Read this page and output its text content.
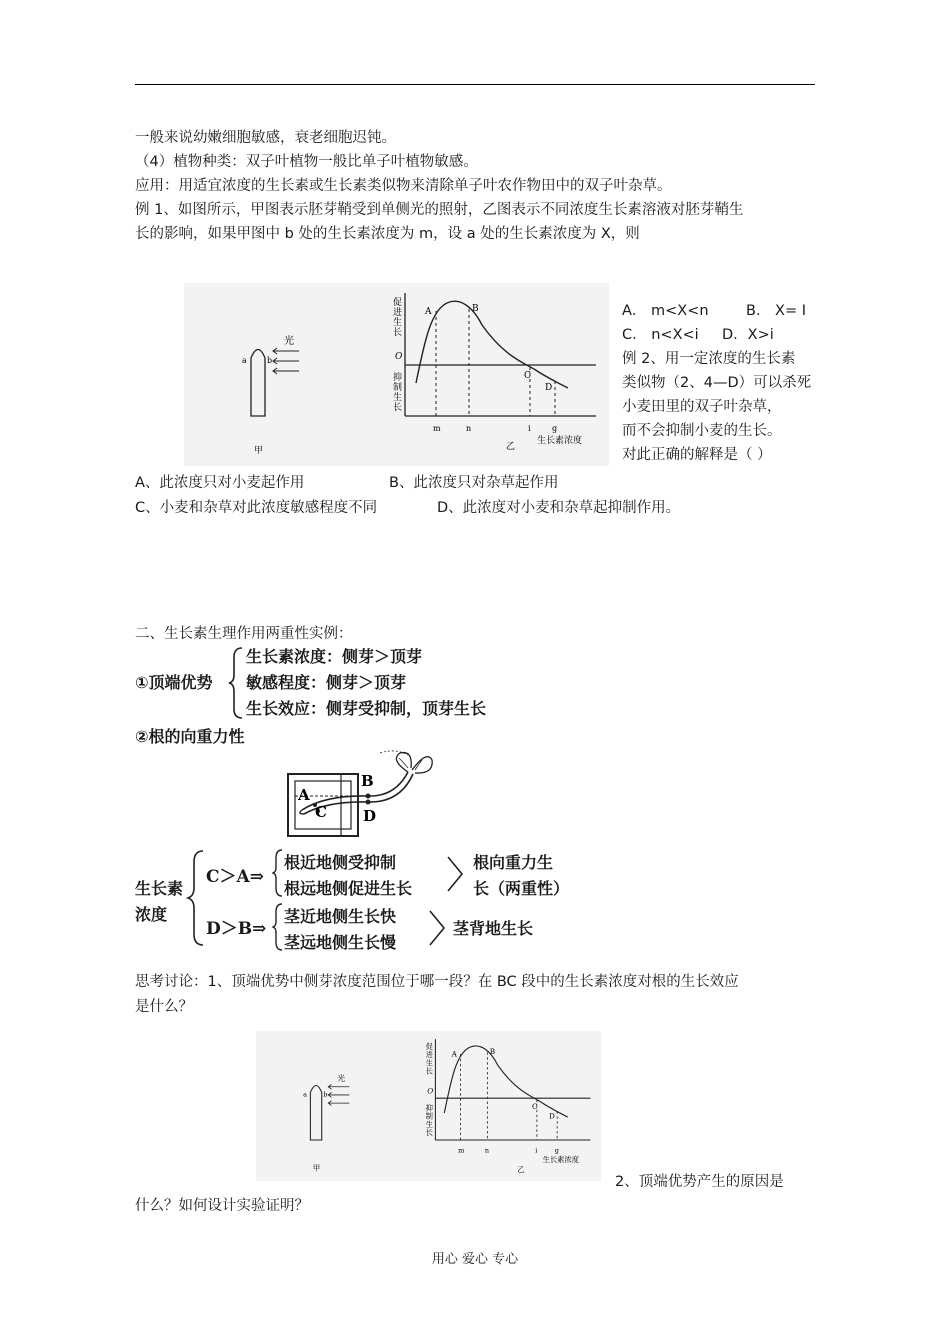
一般来说幼嫩细胞敏感，衰老细胞迟钝。
（4）植物种类：双子叶植物一般比单子叶植物敏感。
应用：用适宜浓度的生长素或生长素类似物来清除单子叶农作物田中的双子叶杂草。
例 1、如图所示，甲图表示胚芽鞘受到单侧光的照射，乙图表示不同浓度生长素溶液对胚芽鞘生
长的影响，如果甲图中 b 处的生长素浓度为 m，设 a 处的生长素浓度为 X，则
a	b
光
甲
促
进
生
长
O
抑
制
生
长
A	B
C
D
m	n	i	g
生长素浓度
乙
A． m<X<n	B． X= I
C． n<X<i D．X>i
例 2、用一定浓度的生长素
类似物（2、4—D）可以杀死
小麦田里的双子叶杂草，
而不会抑制小麦的生长。
对此正确的解释是（ ）
A、此浓度只对小麦起作用	B、此浓度只对杂草起作用
C、小麦和杂草对此浓度敏感程度不同	D、此浓度对小麦和杂草起抑制作用。
二、生长素生理作用两重性实例：
①顶端优势
生长素浓度：侧芽＞顶芽
敏感程度：侧芽＞顶芽
生长效应：侧芽受抑制，顶芽生长
②根的向重力性
B
D
A
C
生长素
浓度
C＞A⇒
根近地侧受抑制
根远地侧促进生长
根向重力生
长（两重性）
D＞B⇒
茎近地侧生长快
茎远地侧生长慢
茎背地生长
思考讨论：1、顶端优势中侧芽浓度范围位于哪一段？在 BC 段中的生长素浓度对根的生长效应
是什么？
a b
光
甲
促
进
生
长
O
抑
制
生
长
A	B
C
D
m	n	i g
生长素浓度
乙
2、顶端优势产生的原因是
什么？如何设计实验证明？
用心 爱心 专心
